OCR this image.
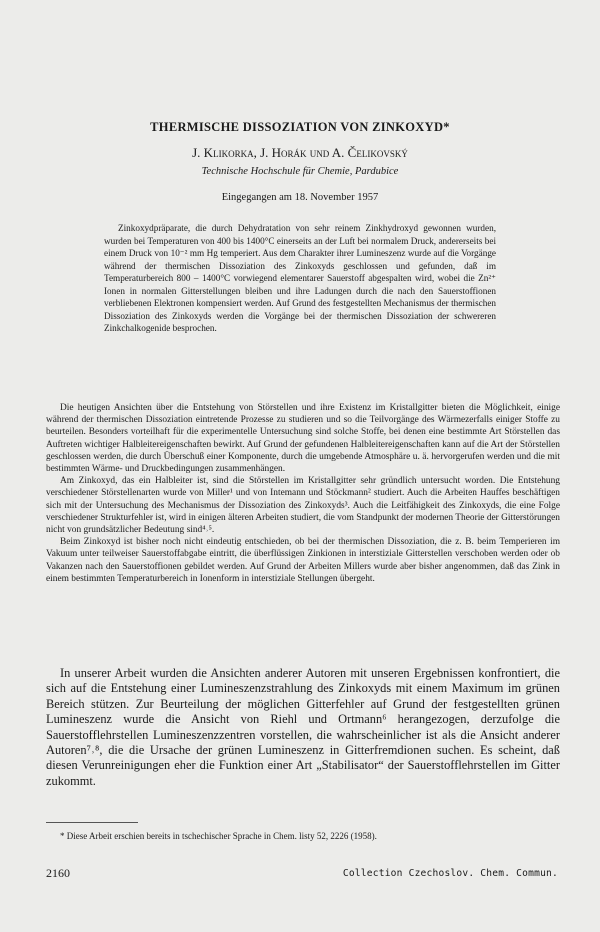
THERMISCHE DISSOZIATION VON ZINKOXYD*
J. Klikorka, J. Horák und A. Čelikovský
Technische Hochschule für Chemie, Pardubice
Eingegangen am 18. November 1957

Zinkoxydpräparate, die durch Dehydratation von sehr reinem Zinkhydroxyd gewonnen wurden, wurden bei Temperaturen von 400 bis 1400°C einerseits an der Luft bei normalem Druck, andererseits bei einem Druck von 10⁻² mm Hg temperiert. Aus dem Charakter ihrer Lumineszenz wurde auf die Vorgänge während der thermischen Dissoziation des Zinkoxyds geschlossen und gefunden, daß im Temperaturbereich 800 – 1400°C vorwiegend elementarer Sauerstoff abgespalten wird, wobei die Zn²⁺ Ionen in normalen Gitterstellungen bleiben und ihre Ladungen durch die nach den Sauerstoffionen verbliebenen Elektronen kompensiert werden. Auf Grund des festgestellten Mechanismus der thermischen Dissoziation des Zinkoxyds werden die Vorgänge bei der thermischen Dissoziation der schwereren Zinkchalkogenide besprochen.

Die heutigen Ansichten über die Entstehung von Störstellen und ihre Existenz im Kristallgitter bieten die Möglichkeit, einige während der thermischen Dissoziation eintretende Prozesse zu studieren und so die Teilvorgänge des Wärmezerfalls einiger Stoffe zu beurteilen. Besonders vorteilhaft für die experimentelle Untersuchung sind solche Stoffe, bei denen eine bestimmte Art Störstellen das Auftreten wichtiger Halbleitereigenschaften bewirkt. Auf Grund der gefundenen Halbleitereigenschaften kann auf die Art der Störstellen geschlossen werden, die durch Überschuß einer Komponente, durch die umgebende Atmosphäre u. ä. hervorgerufen werden und die mit bestimmten Wärme- und Druckbedingungen zusammenhängen.

Am Zinkoxyd, das ein Halbleiter ist, sind die Störstellen im Kristallgitter sehr gründlich untersucht worden. Die Entstehung verschiedener Störstellenarten wurde von Miller¹ und von Intemann und Stöckmann² studiert. Auch die Arbeiten Hauffes beschäftigen sich mit der Untersuchung des Mechanismus der Dissoziation des Zinkoxyds³. Auch die Leitfähigkeit des Zinkoxyds, die eine Folge verschiedener Strukturfehler ist, wird in einigen älteren Arbeiten studiert, die vom Standpunkt der modernen Theorie der Gitterstörungen nicht von grundsätzlicher Bedeutung sind⁴˒⁵.

Beim Zinkoxyd ist bisher noch nicht eindeutig entschieden, ob bei der thermischen Dissoziation, die z. B. beim Temperieren im Vakuum unter teilweiser Sauerstoffabgabe eintritt, die überflüssigen Zinkionen in interstiziale Gitterstellen verschoben werden oder ob Vakanzen nach den Sauerstoffionen gebildet werden. Auf Grund der Arbeiten Millers wurde aber bisher angenommen, daß das Zink in einem bestimmten Temperaturbereich in Ionenform in interstiziale Stellungen übergeht.

In unserer Arbeit wurden die Ansichten anderer Autoren mit unseren Ergebnissen konfrontiert, die sich auf die Entstehung einer Lumineszenzstrahlung des Zinkoxyds mit einem Maximum im grünen Bereich stützen. Zur Beurteilung der möglichen Gitterfehler auf Grund der festgestellten grünen Lumineszenz wurde die Ansicht von Riehl und Ortmann⁶ herangezogen, derzufolge die Sauerstofflehrstellen Lumineszenzzentren vorstellen, die wahrscheinlicher ist als die Ansicht anderer Autoren⁷˒⁸, die die Ursache der grünen Lumineszenz in Gitterfremdionen suchen. Es scheint, daß diesen Verunreinigungen eher die Funktion einer Art „Stabilisator“ der Sauerstofflehrstellen im Gitter zukommt.

* Diese Arbeit erschien bereits in tschechischer Sprache in Chem. listy 52, 2226 (1958).
2160	Collection Czechoslov. Chem. Commun.
